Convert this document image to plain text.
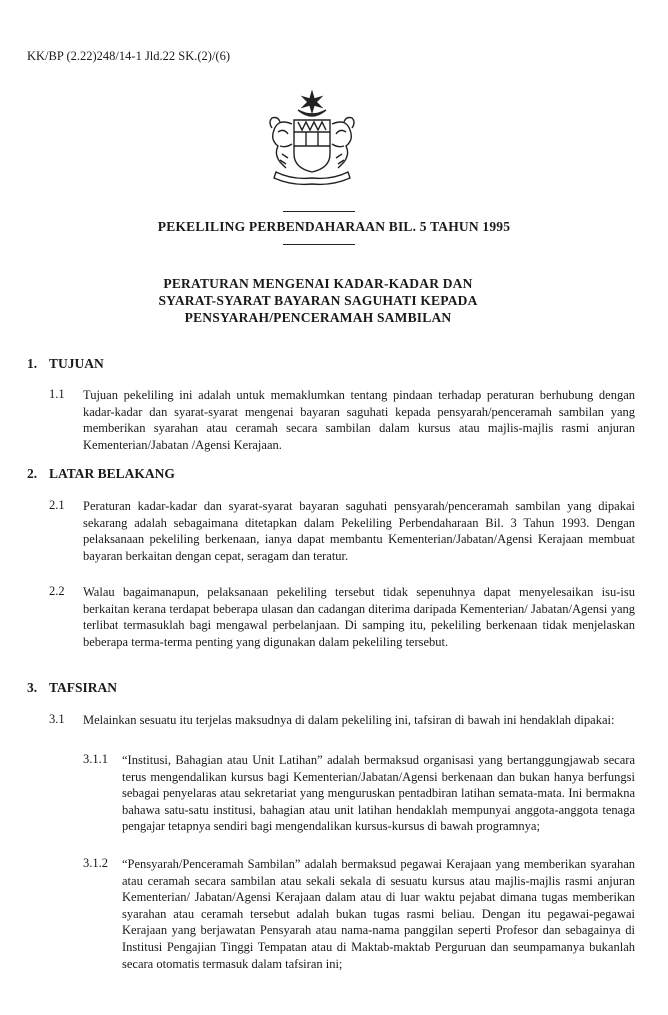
KK/BP (2.22)248/14-1 Jld.22 SK.(2)/(6)
PEKELILING PERBENDAHARAAN BIL. 5 TAHUN 1995
PERATURAN MENGENAI KADAR-KADAR DAN
SYARAT-SYARAT BAYARAN SAGUHATI KEPADA
PENSYARAH/PENCERAMAH SAMBILAN
1. TUJUAN
1.1 Tujuan pekeliling ini adalah untuk memaklumkan tentang pindaan terhadap peraturan berhubung dengan kadar-kadar dan syarat-syarat mengenai bayaran saguhati kepada pensyarah/penceramah sambilan yang memberikan syarahan atau ceramah secara sambilan dalam kursus atau majlis-majlis rasmi anjuran Kementerian/Jabatan /Agensi Kerajaan.

2. LATAR BELAKANG
2.1 Peraturan kadar-kadar dan syarat-syarat bayaran saguhati pensyarah/penceramah sambilan yang dipakai sekarang adalah sebagaimana ditetapkan dalam Pekeliling Perbendaharaan Bil. 3 Tahun 1993. Dengan pelaksanaan pekeliling berkenaan, ianya dapat membantu Kementerian/Jabatan/Agensi Kerajaan membuat bayaran berkaitan dengan cepat, seragam dan teratur.

2.2 Walau bagaimanapun, pelaksanaan pekeliling tersebut tidak sepenuhnya dapat menyelesaikan isu-isu berkaitan kerana terdapat beberapa ulasan dan cadangan diterima daripada Kementerian/ Jabatan/Agensi yang terlibat termasuklah bagi mengawal perbelanjaan. Di samping itu, pekeliling berkenaan tidak menjelaskan beberapa terma-terma penting yang digunakan dalam pekeliling tersebut.

3. TAFSIRAN
3.1 Melainkan sesuatu itu terjelas maksudnya di dalam pekeliling ini, tafsiran di bawah ini hendaklah dipakai:

3.1.1 “Institusi, Bahagian atau Unit Latihan” adalah bermaksud organisasi yang bertanggungjawab secara terus mengendalikan kursus bagi Kementerian/Jabatan/Agensi berkenaan dan bukan hanya berfungsi sebagai penyelaras atau sekretariat yang menguruskan pentadbiran latihan semata-mata. Ini bermakna bahawa satu-satu institusi, bahagian atau unit latihan hendaklah mempunyai anggota-anggota tenaga pengajar tetapnya sendiri bagi mengendalikan kursus-kursus di bawah programnya;

3.1.2 “Pensyarah/Penceramah Sambilan” adalah bermaksud pegawai Kerajaan yang memberikan syarahan atau ceramah secara sambilan atau sekali sekala di sesuatu kursus atau majlis-majlis rasmi anjuran Kementerian/ Jabatan/Agensi Kerajaan dalam atau di luar waktu pejabat dimana tugas memberikan syarahan atau ceramah tersebut adalah bukan tugas rasmi beliau. Dengan itu pegawai-pegawai Kerajaan yang berjawatan Pensyarah atau nama-nama panggilan seperti Profesor dan sebagainya di Institusi Pengajian Tinggi Tempatan atau di Maktab-maktab Perguruan dan seumpamanya bukanlah secara otomatis termasuk dalam tafsiran ini;
